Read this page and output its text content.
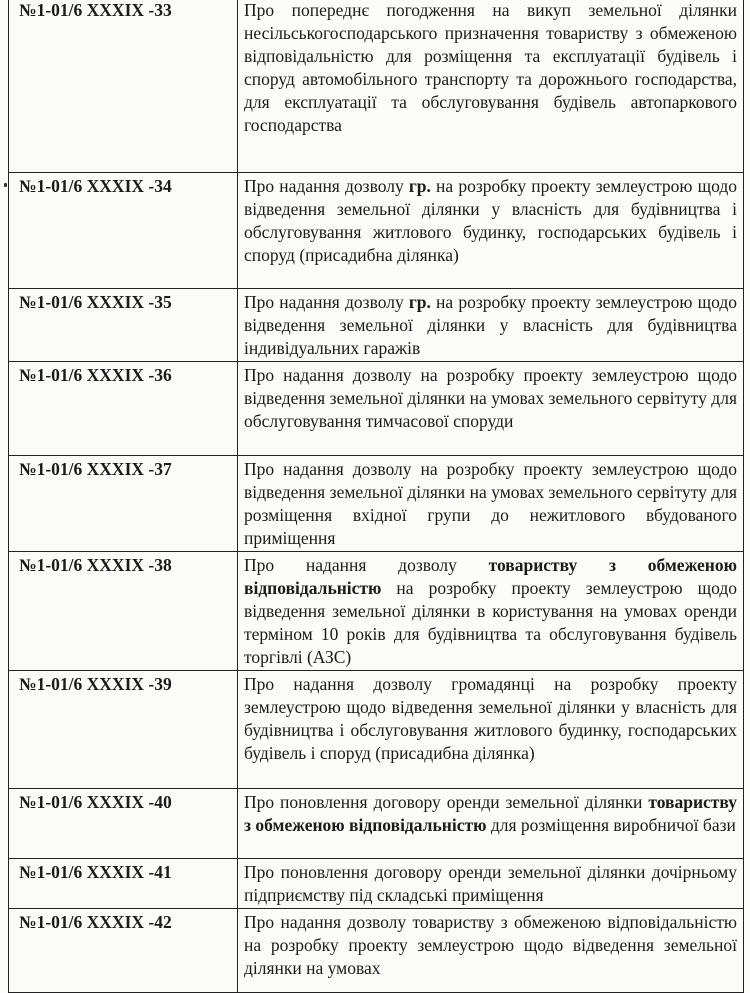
№1-01/6 XXXIX -33	Про попереднє погодження на викуп земельної ділянки несільськогосподарського призначення товариству з обмеженою відповідальністю для розміщення та експлуатації будівель і споруд автомобільного транспорту та дорожнього господарства, для експлуатації та обслуговування будівель автопаркового господарства
№1-01/6 XXXIX -34	Про надання дозволу гр. на розробку проекту землеустрою щодо відведення земельної ділянки у власність для будівництва і обслуговування житлового будинку, господарських будівель і споруд (присадибна ділянка)
№1-01/6 XXXIX -35	Про надання дозволу гр. на розробку проекту землеустрою щодо відведення земельної ділянки у власність для будівництва індивідуальних гаражів
№1-01/6 XXXIX -36	Про надання дозволу на розробку проекту землеустрою щодо відведення земельної ділянки на умовах земельного сервітуту для обслуговування тимчасової споруди
№1-01/6 XXXIX -37	Про надання дозволу на розробку проекту землеустрою щодо відведення земельної ділянки на умовах земельного сервітуту для розміщення вхідної групи до нежитлового вбудованого приміщення
№1-01/6 XXXIX -38	Про надання дозволу товариству з обмеженою відповідальністю на розробку проекту землеустрою щодо відведення земельної ділянки в користування на умовах оренди терміном 10 років для будівництва та обслуговування будівель торгівлі (АЗС)
№1-01/6 XXXIX -39	Про надання дозволу громадянці на розробку проекту землеустрою щодо відведення земельної ділянки у власність для будівництва і обслуговування житлового будинку, господарських будівель і споруд (присадибна ділянка)
№1-01/6 XXXIX -40	Про поновлення договору оренди земельної ділянки товариству з обмеженою відповідальністю для розміщення виробничої бази
№1-01/6 XXXIX -41	Про поновлення договору оренди земельної ділянки дочірньому підприємству під складські приміщення
№1-01/6 XXXIX -42	Про надання дозволу товариству з обмеженою відповідальністю на розробку проекту землеустрою щодо відведення земельної ділянки на умовах
